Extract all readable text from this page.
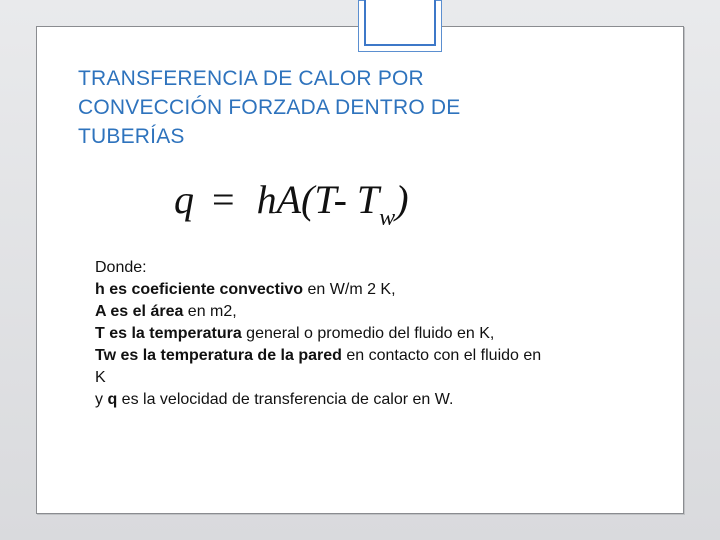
TRANSFERENCIA DE CALOR POR CONVECCIÓN FORZADA DENTRO DE TUBERÍAS
q = hA(T- $T_w$)
Donde:
h es coeficiente convectivo en W/m 2 K,
A es el área en m2,
T es la temperatura general o promedio del fluido en K,
Tw es la temperatura de la pared en contacto con el fluido en
K
y q es la velocidad de transferencia de calor en W.
